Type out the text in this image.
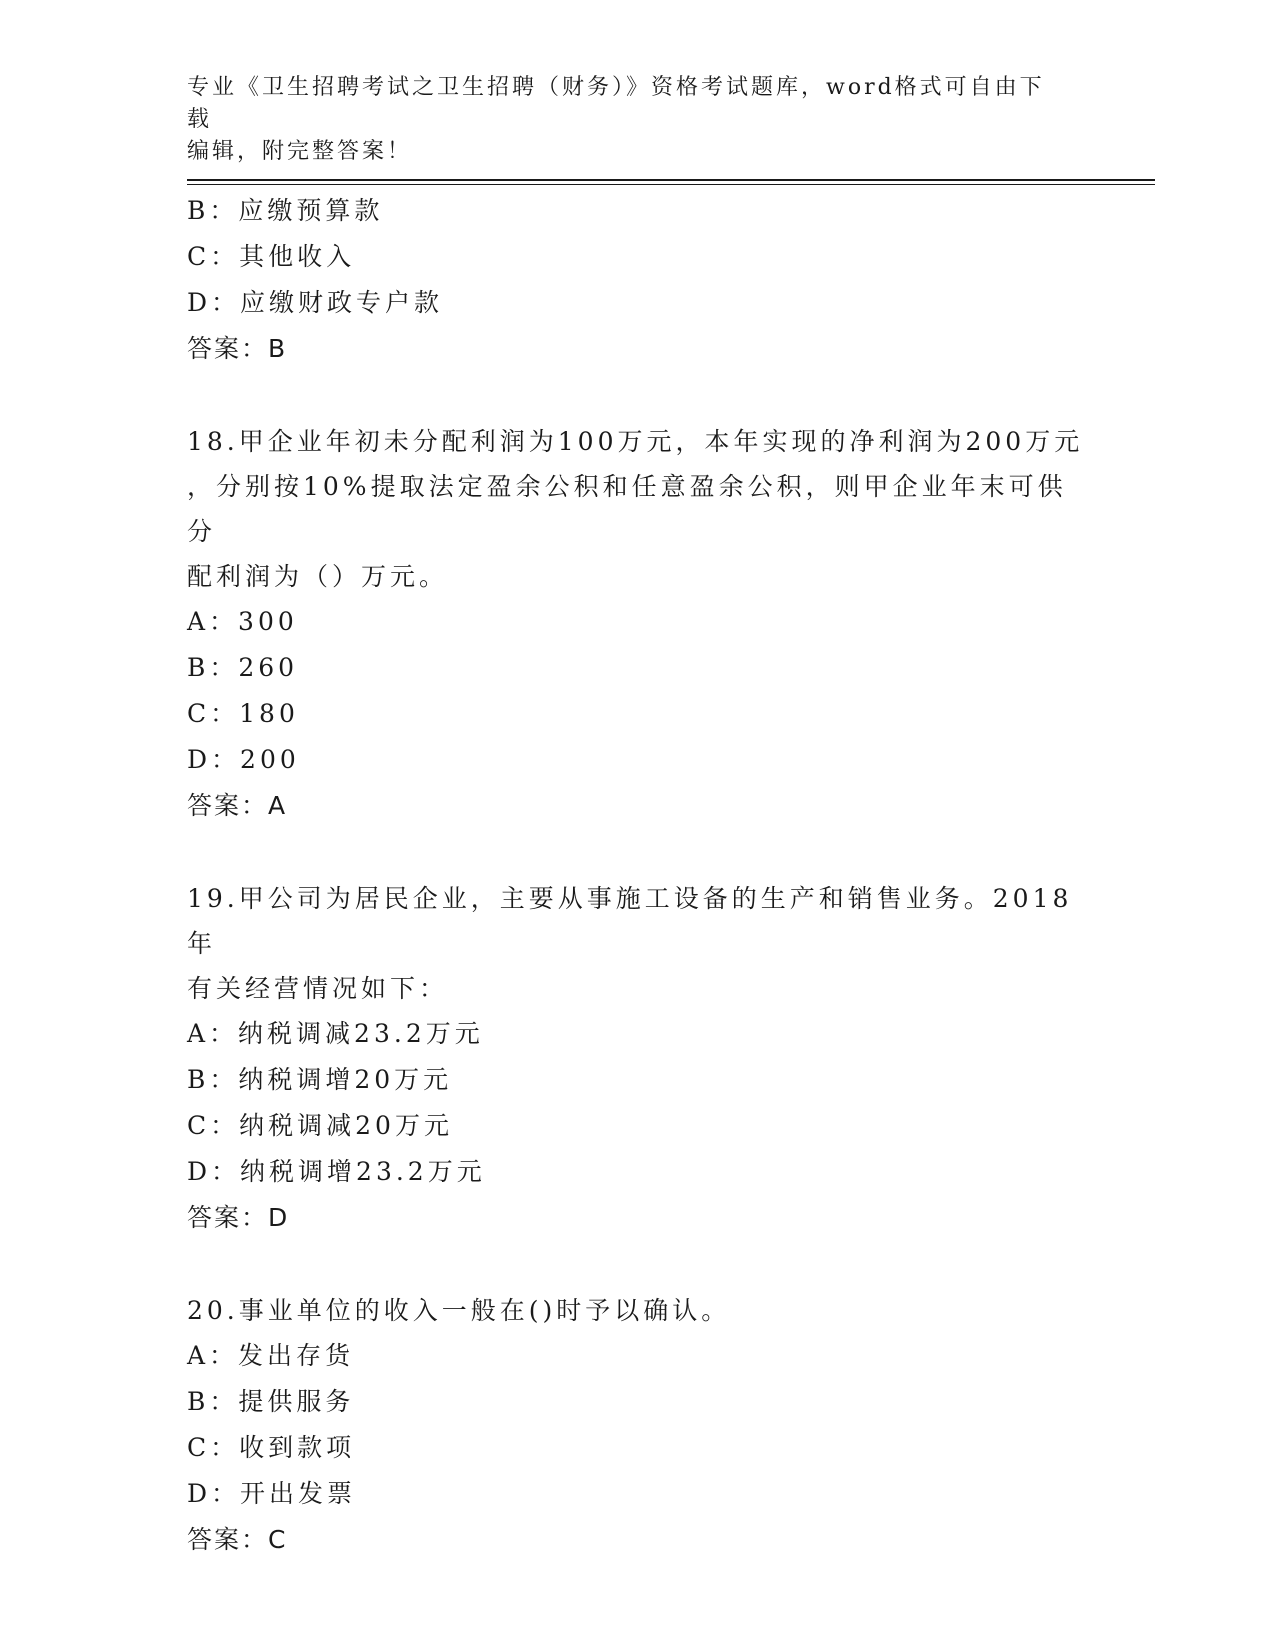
专业《卫生招聘考试之卫生招聘（财务）》资格考试题库，word格式可自由下载
编辑，附完整答案！
B：应缴预算款
C：其他收入
D：应缴财政专户款
答案：B
18.甲企业年初未分配利润为100万元，本年实现的净利润为200万元
，分别按10%提取法定盈余公积和任意盈余公积，则甲企业年末可供分
配利润为（）万元。
A：300
B：260
C：180
D：200
答案：A
19.甲公司为居民企业，主要从事施工设备的生产和销售业务。2018年
有关经营情况如下：
A：纳税调减23.2万元
B：纳税调增20万元
C：纳税调减20万元
D：纳税调增23.2万元
答案：D
20.事业单位的收入一般在()时予以确认。
A：发出存货
B：提供服务
C：收到款项
D：开出发票
答案：C
